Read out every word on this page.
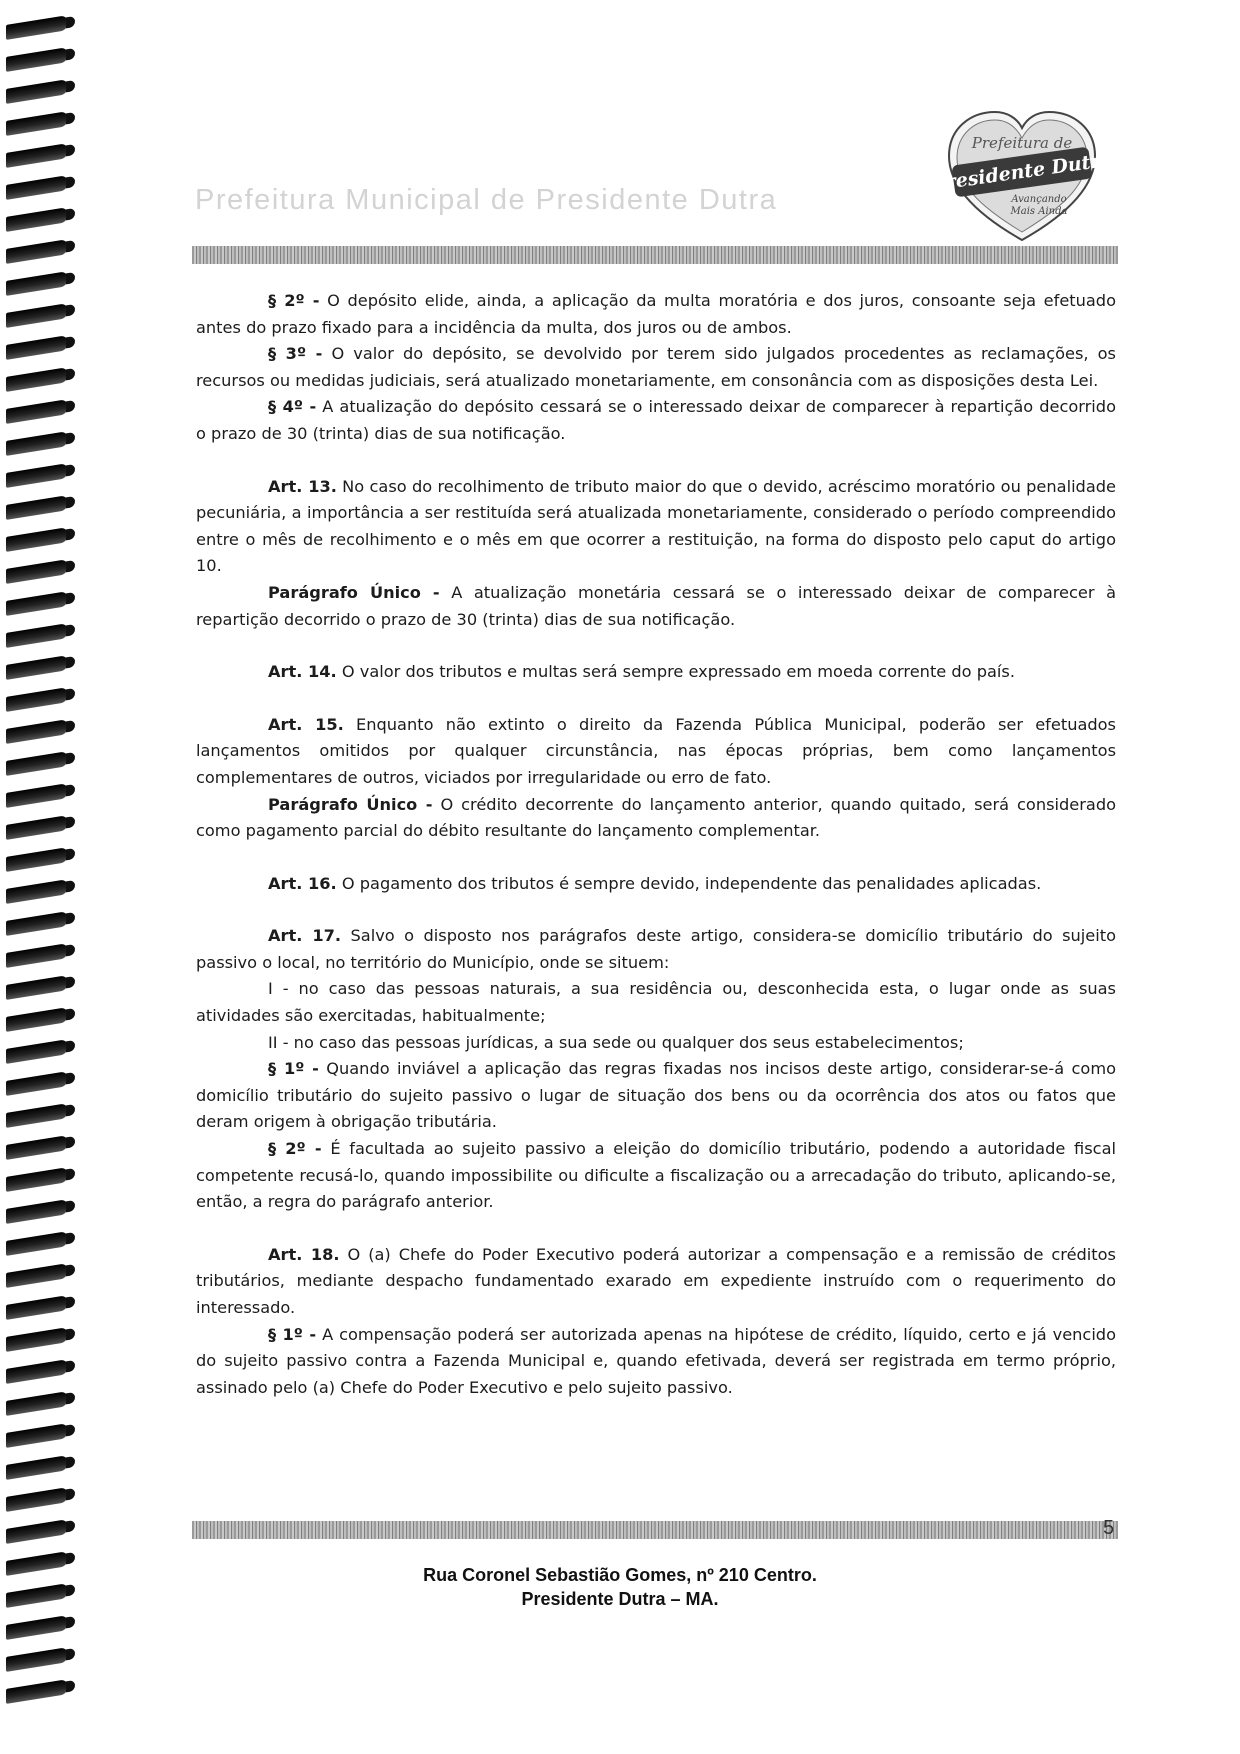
Prefeitura Municipal de Presidente Dutra
Prefeitura de
Presidente Dutra
Avançando
Mais Ainda

§ 2º - O depósito elide, ainda, a aplicação da multa moratória e dos juros, consoante seja efetuado antes do prazo fixado para a incidência da multa, dos juros ou de ambos.

§ 3º - O valor do depósito, se devolvido por terem sido julgados procedentes as reclamações, os recursos ou medidas judiciais, será atualizado monetariamente, em consonância com as disposições desta Lei.

§ 4º - A atualização do depósito cessará se o interessado deixar de comparecer à repartição decorrido o prazo de 30 (trinta) dias de sua notificação.

Art. 13. No caso do recolhimento de tributo maior do que o devido, acréscimo moratório ou penalidade pecuniária, a importância a ser restituída será atualizada monetariamente, considerado o período compreendido entre o mês de recolhimento e o mês em que ocorrer a restituição, na forma do disposto pelo caput do artigo 10.

Parágrafo Único - A atualização monetária cessará se o interessado deixar de comparecer à repartição decorrido o prazo de 30 (trinta) dias de sua notificação.

Art. 14. O valor dos tributos e multas será sempre expressado em moeda corrente do país.

Art. 15. Enquanto não extinto o direito da Fazenda Pública Municipal, poderão ser efetuados lançamentos omitidos por qualquer circunstância, nas épocas próprias, bem como lançamentos complementares de outros, viciados por irregularidade ou erro de fato.

Parágrafo Único - O crédito decorrente do lançamento anterior, quando quitado, será considerado como pagamento parcial do débito resultante do lançamento complementar.

Art. 16. O pagamento dos tributos é sempre devido, independente das penalidades aplicadas.

Art. 17. Salvo o disposto nos parágrafos deste artigo, considera-se domicílio tributário do sujeito passivo o local, no território do Município, onde se situem:

I - no caso das pessoas naturais, a sua residência ou, desconhecida esta, o lugar onde as suas atividades são exercitadas, habitualmente;

II - no caso das pessoas jurídicas, a sua sede ou qualquer dos seus estabelecimentos;

§ 1º - Quando inviável a aplicação das regras fixadas nos incisos deste artigo, considerar-se-á como domicílio tributário do sujeito passivo o lugar de situação dos bens ou da ocorrência dos atos ou fatos que deram origem à obrigação tributária.

§ 2º - É facultada ao sujeito passivo a eleição do domicílio tributário, podendo a autoridade fiscal competente recusá-lo, quando impossibilite ou dificulte a fiscalização ou a arrecadação do tributo, aplicando-se, então, a regra do parágrafo anterior.

Art. 18. O (a) Chefe do Poder Executivo poderá autorizar a compensação e a remissão de créditos tributários, mediante despacho fundamentado exarado em expediente instruído com o requerimento do interessado.

§ 1º - A compensação poderá ser autorizada apenas na hipótese de crédito, líquido, certo e já vencido do sujeito passivo contra a Fazenda Municipal e, quando efetivada, deverá ser registrada em termo próprio, assinado pelo (a) Chefe do Poder Executivo e pelo sujeito passivo.

5
Rua Coronel Sebastião Gomes, nº 210 Centro.
Presidente Dutra – MA.
